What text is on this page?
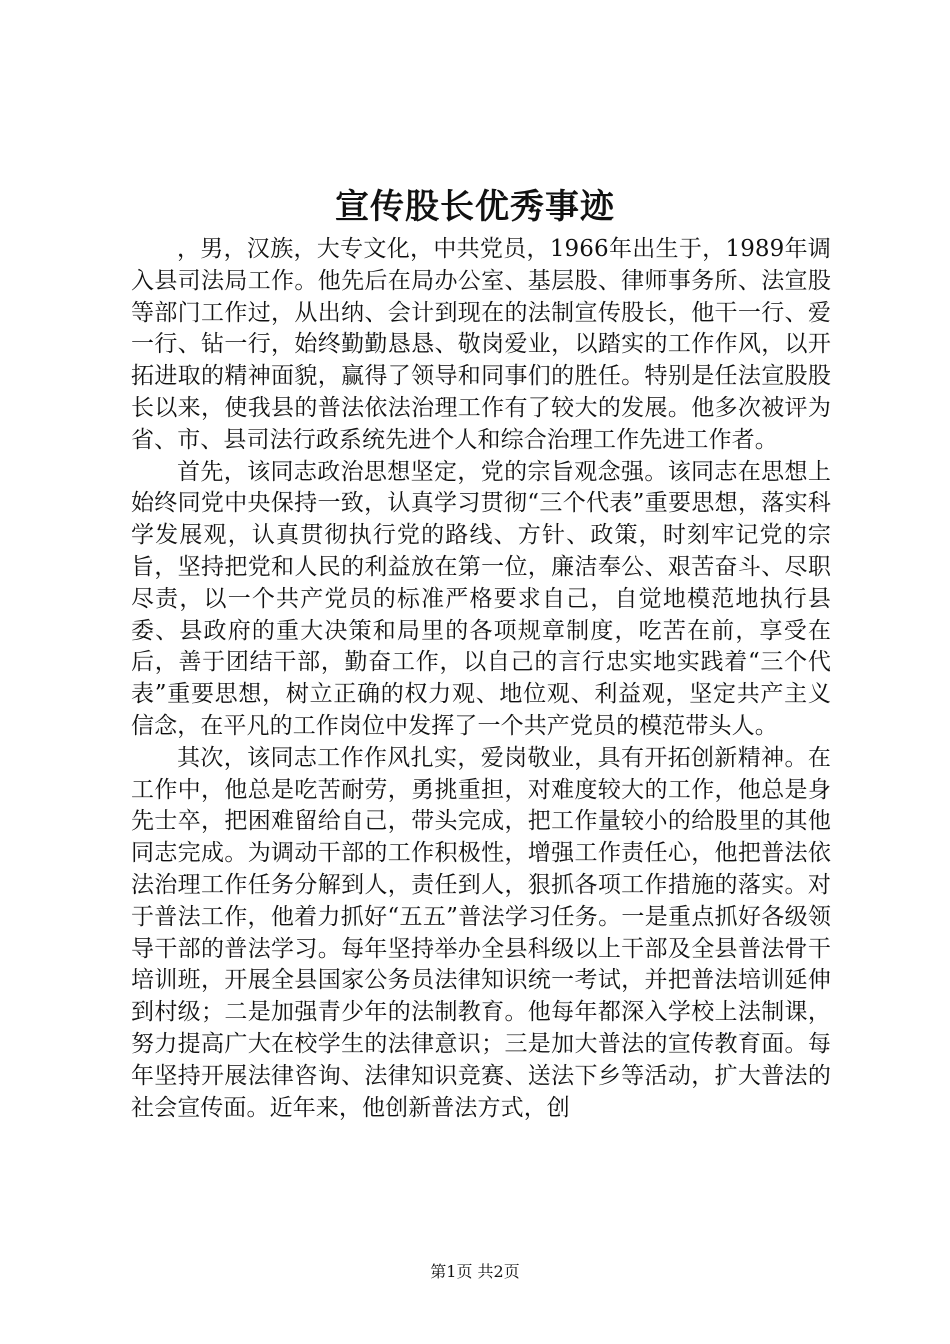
宣传股长优秀事迹

，男，汉族，大专文化，中共党员，1966年出生于，1989年调入县司法局工作。他先后在局办公室、基层股、律师事务所、法宣股等部门工作过，从出纳、会计到现在的法制宣传股长，他干一行、爱一行、钻一行，始终勤勤恳恳、敬岗爱业，以踏实的工作作风，以开拓进取的精神面貌，赢得了领导和同事们的胜任。特别是任法宣股股长以来，使我县的普法依法治理工作有了较大的发展。他多次被评为省、市、县司法行政系统先进个人和综合治理工作先进工作者。

首先，该同志政治思想坚定，党的宗旨观念强。该同志在思想上始终同党中央保持一致，认真学习贯彻“三个代表”重要思想，落实科学发展观，认真贯彻执行党的路线、方针、政策，时刻牢记党的宗旨，坚持把党和人民的利益放在第一位，廉洁奉公、艰苦奋斗、尽职尽责，以一个共产党员的标准严格要求自己，自觉地模范地执行县委、县政府的重大决策和局里的各项规章制度，吃苦在前，享受在后，善于团结干部，勤奋工作，以自己的言行忠实地实践着“三个代表”重要思想，树立正确的权力观、地位观、利益观，坚定共产主义信念，在平凡的工作岗位中发挥了一个共产党员的模范带头人。

其次，该同志工作作风扎实，爱岗敬业，具有开拓创新精神。在工作中，他总是吃苦耐劳，勇挑重担，对难度较大的工作，他总是身先士卒，把困难留给自己，带头完成，把工作量较小的给股里的其他同志完成。为调动干部的工作积极性，增强工作责任心，他把普法依法治理工作任务分解到人，责任到人，狠抓各项工作措施的落实。对于普法工作，他着力抓好“五五”普法学习任务。一是重点抓好各级领导干部的普法学习。每年坚持举办全县科级以上干部及全县普法骨干培训班，开展全县国家公务员法律知识统一考试，并把普法培训延伸到村级；二是加强青少年的法制教育。他每年都深入学校上法制课，努力提高广大在校学生的法律意识；三是加大普法的宣传教育面。每年坚持开展法律咨询、法律知识竞赛、送法下乡等活动，扩大普法的社会宣传面。近年来，他创新普法方式，创

第1页 共2页
